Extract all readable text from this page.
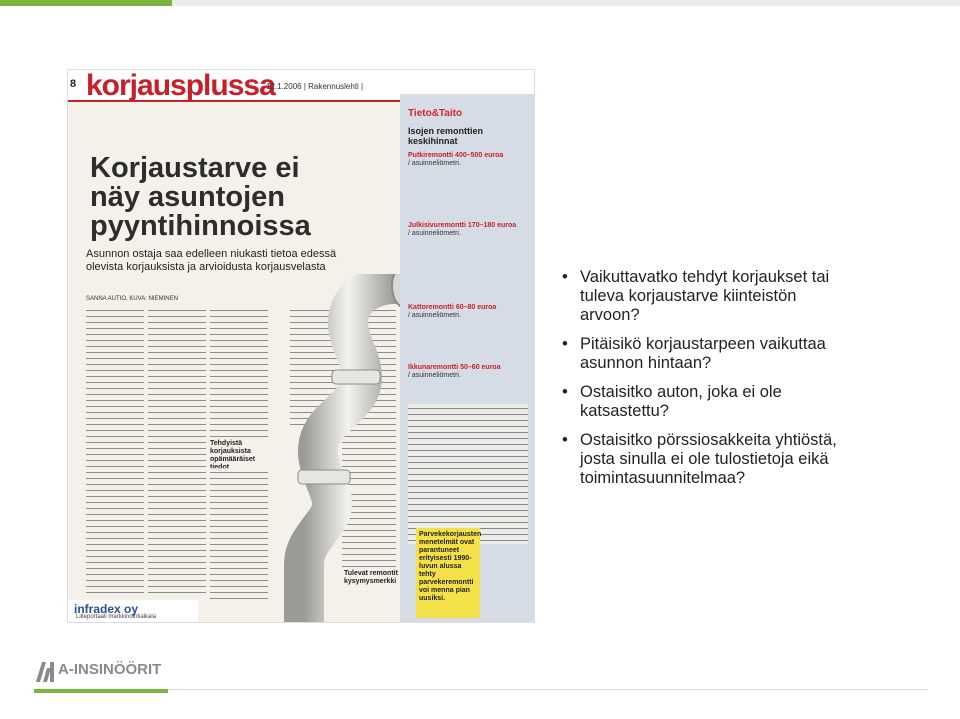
8 korjausplussa
12.1.2006 | Rakennuslehti |
Korjaustarve ei näy asuntojen pyyntihinnoissa
Asunnon ostaja saa edelleen niukasti tietoa edessä olevista korjauksista ja arvioidusta korjausvelasta
SANNA AUTIO, KUVA: NIEMINEN
Tehdyistä korjauksista opämääräiset
Tulevat remontit kysymysmerkki
Tieto&Taito
Isojen remonttien keskihinnat
Putkiremontti 400–500 euroa
/ asuinneliömetri.
Julkisivuremontti 170–180 euroa
/ asuinneliömetri.
Kattoremontti 60–80 euroa
/ asuinneliömetri.
Ikkunaremontti 50–60 euroa
/ asuinneliömetri.
Parvekekorjausten menetelmät ovat parantuneet erityisesti 1990-luvun alussa tehty parvekeremontti voi menna pian uusiksi.
infradex oy
Liiteportaali markkinointiaikala
• Vaikuttavatko tehdyt korjaukset tai tuleva korjaustarve kiinteistön arvoon?
• Pitäisikö korjaustarpeen vaikuttaa asunnon hintaan?
• Ostaisitko auton, joka ei ole katsastettu?
• Ostaisitko pörssiosakkeita yhtiöstä, josta sinulla ei ole tulostietoja eikä toimintasuunnitelmaa?
A-INSINÖÖRIT
